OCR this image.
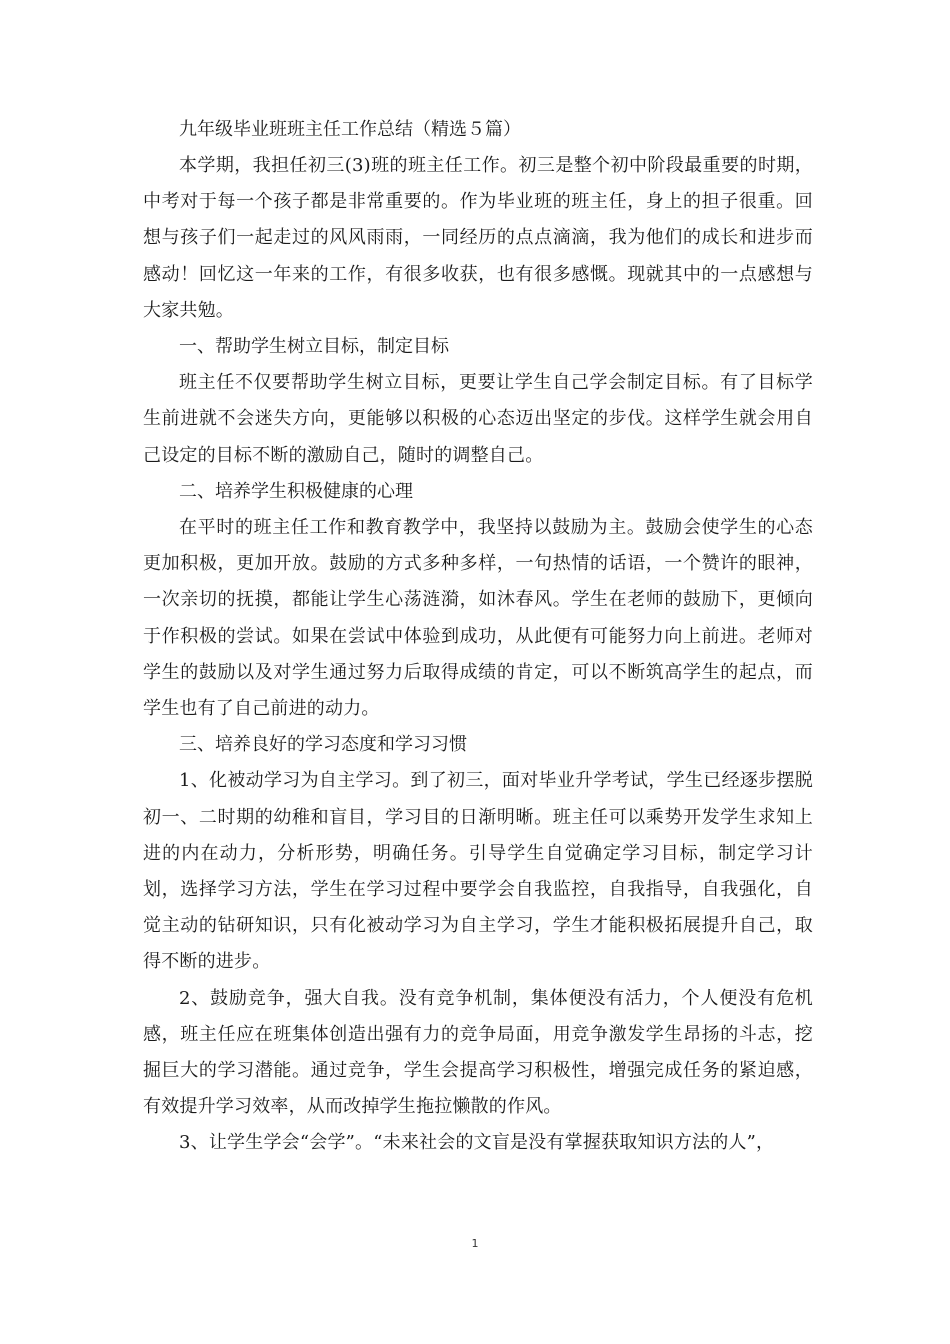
九年级毕业班班主任工作总结（精选５篇）

本学期，我担任初三(3)班的班主任工作。初三是整个初中阶段最重要的时期，中考对于每一个孩子都是非常重要的。作为毕业班的班主任，身上的担子很重。回想与孩子们一起走过的风风雨雨，一同经历的点点滴滴，我为他们的成长和进步而感动！回忆这一年来的工作，有很多收获，也有很多感慨。现就其中的一点感想与大家共勉。

一、帮助学生树立目标，制定目标

班主任不仅要帮助学生树立目标，更要让学生自己学会制定目标。有了目标学生前进就不会迷失方向，更能够以积极的心态迈出坚定的步伐。这样学生就会用自己设定的目标不断的激励自己，随时的调整自己。

二、培养学生积极健康的心理

在平时的班主任工作和教育教学中，我坚持以鼓励为主。鼓励会使学生的心态更加积极，更加开放。鼓励的方式多种多样，一句热情的话语，一个赞许的眼神，一次亲切的抚摸，都能让学生心荡涟漪，如沐春风。学生在老师的鼓励下，更倾向于作积极的尝试。如果在尝试中体验到成功，从此便有可能努力向上前进。老师对学生的鼓励以及对学生通过努力后取得成绩的肯定，可以不断筑高学生的起点，而学生也有了自己前进的动力。

三、培养良好的学习态度和学习习惯

1、化被动学习为自主学习。到了初三，面对毕业升学考试，学生已经逐步摆脱初一、二时期的幼稚和盲目，学习目的日渐明晰。班主任可以乘势开发学生求知上进的内在动力，分析形势，明确任务。引导学生自觉确定学习目标，制定学习计划，选择学习方法，学生在学习过程中要学会自我监控，自我指导，自我强化，自觉主动的钻研知识，只有化被动学习为自主学习，学生才能积极拓展提升自己，取得不断的进步。

2、鼓励竞争，强大自我。没有竞争机制，集体便没有活力，个人便没有危机感，班主任应在班集体创造出强有力的竞争局面，用竞争激发学生昂扬的斗志，挖掘巨大的学习潜能。通过竞争，学生会提高学习积极性，增强完成任务的紧迫感，有效提升学习效率，从而改掉学生拖拉懒散的作风。

3、让学生学会“会学”。“未来社会的文盲是没有掌握获取知识方法的人”，

1
